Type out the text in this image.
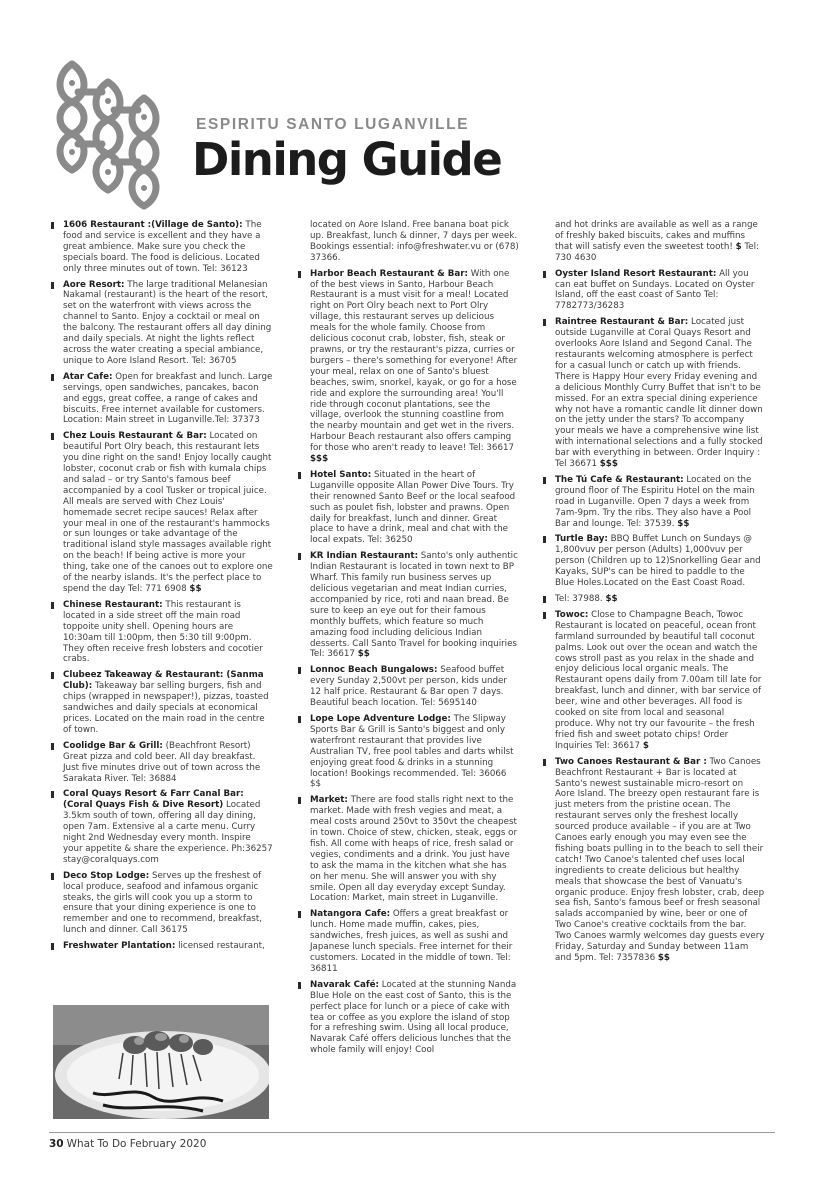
ESPIRITU SANTO LUGANVILLE
Dining Guide
1606 Restaurant :(Village de Santo): The food and service is excellent and they have a great ambience. Make sure you check the specials board. The food is delicious. Located only three minutes out of town. Tel: 36123
Aore Resort: The large traditional Melanesian Nakamal (restaurant) is the heart of the resort, set on the waterfront with views across the channel to Santo. Enjoy a cocktail or meal on the balcony. The restaurant offers all day dining and daily specials. At night the lights reflect across the water creating a special ambiance, unique to Aore Island Resort. Tel: 36705
Atar Cafe: Open for breakfast and lunch. Large servings, open sandwiches, pancakes, bacon and eggs, great coffee, a range of cakes and biscuits. Free internet available for customers. Location: Main street in Luganville.Tel: 37373
Chez Louis Restaurant & Bar: Located on beautiful Port Olry beach, this restaurant lets you dine right on the sand! Enjoy locally caught lobster, coconut crab or fish with kumala chips and salad – or try Santo's famous beef accompanied by a cool Tusker or tropical juice. All meals are served with Chez Louis' homemade secret recipe sauces! Relax after your meal in one of the restaurant's hammocks or sun lounges or take advantage of the traditional island style massages available right on the beach! If being active is more your thing, take one of the canoes out to explore one of the nearby islands. It's the perfect place to spend the day Tel: 771 6908 $$
Chinese Restaurant: This restaurant is located in a side street off the main road toppoite unity shell. Opening hours are 10:30am till 1:00pm, then 5:30 till 9:00pm. They often receive fresh lobsters and cocotier crabs.
Clubeez Takeaway & Restaurant: (Sanma Club): Takeaway bar selling burgers, fish and chips (wrapped in newspaper!), pizzas, toasted sandwiches and daily specials at economical prices. Located on the main road in the centre of town.
Coolidge Bar & Grill: (Beachfront Resort) Great pizza and cold beer. All day breakfast. Just five minutes drive out of town across the Sarakata River. Tel: 36884
Coral Quays Resort & Farr Canal Bar: (Coral Quays Fish & Dive Resort) Located 3.5km south of town, offering all day dining, open 7am. Extensive al a carte menu. Curry night 2nd Wednesday every month. Inspire your appetite & share the experience. Ph:36257 stay@coralquays.com
Deco Stop Lodge: Serves up the freshest of local produce, seafood and infamous organic steaks, the girls will cook you up a storm to ensure that your dining experience is one to remember and one to recommend, breakfast, lunch and dinner. Call 36175
Freshwater Plantation: licensed restaurant,
located on Aore Island. Free banana boat pick up. Breakfast, lunch & dinner, 7 days per week. Bookings essential: info@freshwater.vu or (678) 37366.
Harbor Beach Restaurant & Bar: With one of the best views in Santo, Harbour Beach Restaurant is a must visit for a meal! Located right on Port Olry beach next to Port Olry village, this restaurant serves up delicious meals for the whole family. Choose from delicious coconut crab, lobster, fish, steak or prawns, or try the restaurant's pizza, curries or burgers – there's something for everyone! After your meal, relax on one of Santo's bluest beaches, swim, snorkel, kayak, or go for a hose ride and explore the surrounding area! You'll ride through coconut plantations, see the village, overlook the stunning coastline from the nearby mountain and get wet in the rivers. Harbour Beach restaurant also offers camping for those who aren't ready to leave! Tel: 36617 $$$
Hotel Santo: Situated in the heart of Luganville opposite Allan Power Dive Tours. Try their renowned Santo Beef or the local seafood such as poulet fish, lobster and prawns. Open daily for breakfast, lunch and dinner. Great place to have a drink, meal and chat with the local expats. Tel: 36250
KR Indian Restaurant: Santo's only authentic Indian Restaurant is located in town next to BP Wharf. This family run business serves up delicious vegetarian and meat Indian curries, accompanied by rice, roti and naan bread. Be sure to keep an eye out for their famous monthly buffets, which feature so much amazing food including delicious Indian desserts. Call Santo Travel for booking inquiries Tel: 36617 $$
Lonnoc Beach Bungalows: Seafood buffet every Sunday 2,500vt per person, kids under 12 half price. Restaurant & Bar open 7 days. Beautiful beach location. Tel: 5695140
Lope Lope Adventure Lodge: The Slipway Sports Bar & Grill is Santo's biggest and only waterfront restaurant that provides live Australian TV, free pool tables and darts whilst enjoying great food & drinks in a stunning location! Bookings recommended. Tel: 36066 $$
Market: There are food stalls right next to the market. Made with fresh vegies and meat, a meal costs around 250vt to 350vt the cheapest in town. Choice of stew, chicken, steak, eggs or fish. All come with heaps of rice, fresh salad or vegies, condiments and a drink. You just have to ask the mama in the kitchen what she has on her menu. She will answer you with shy smile. Open all day everyday except Sunday. Location: Market, main street in Luganville.
Natangora Cafe: Offers a great breakfast or lunch. Home made muffin, cakes, pies, sandwiches, fresh juices, as well as sushi and Japanese lunch specials. Free internet for their customers. Located in the middle of town. Tel: 36811
Navarak Café: Located at the stunning Nanda Blue Hole on the east cost of Santo, this is the perfect place for lunch or a piece of cake with tea or coffee as you explore the island of stop for a refreshing swim. Using all local produce, Navarak Café offers delicious lunches that the whole family will enjoy! Cool
and hot drinks are available as well as a range of freshly baked biscuits, cakes and muffins that will satisfy even the sweetest tooth! $ Tel: 730 4630
Oyster Island Resort Restaurant: All you can eat buffet on Sundays. Located on Oyster Island, off the east coast of Santo Tel: 7782773/36283
Raintree Restaurant & Bar: Located just outside Luganville at Coral Quays Resort and overlooks Aore Island and Segond Canal. The restaurants welcoming atmosphere is perfect for a casual lunch or catch up with friends. There is Happy Hour every Friday evening and a delicious Monthly Curry Buffet that isn't to be missed. For an extra special dining experience why not have a romantic candle lit dinner down on the jetty under the stars? To accompany your meals we have a comprehensive wine list with international selections and a fully stocked bar with everything in between. Order Inquiry : Tel 36671 $$$
The Tú Cafe & Restaurant: Located on the ground floor of The Espiritu Hotel on the main road in Luganville. Open 7 days a week from 7am-9pm. Try the ribs. They also have a Pool Bar and lounge. Tel: 37539. $$
Turtle Bay: BBQ Buffet Lunch on Sundays @ 1,800vuv per person (Adults) 1,000vuv per person (Children up to 12)Snorkelling Gear and Kayaks, SUP's can be hired to paddle to the Blue Holes.Located on the East Coast Road.
Tel: 37988. $$
Towoc: Close to Champagne Beach, Towoc Restaurant is located on peaceful, ocean front farmland surrounded by beautiful tall coconut palms. Look out over the ocean and watch the cows stroll past as you relax in the shade and enjoy delicious local organic meals. The Restaurant opens daily from 7.00am till late for breakfast, lunch and dinner, with bar service of beer, wine and other beverages. All food is cooked on site from local and seasonal produce. Why not try our favourite – the fresh fried fish and sweet potato chips! Order Inquiries Tel: 36617 $
Two Canoes Restaurant & Bar : Two Canoes Beachfront Restaurant + Bar is located at Santo's newest sustainable micro-resort on Aore Island. The breezy open restaurant fare is just meters from the pristine ocean. The restaurant serves only the freshest locally sourced produce available – if you are at Two Canoes early enough you may even see the fishing boats pulling in to the beach to sell their catch! Two Canoe's talented chef uses local ingredients to create delicious but healthy meals that showcase the best of Vanuatu's organic produce. Enjoy fresh lobster, crab, deep sea fish, Santo's famous beef or fresh seasonal salads accompanied by wine, beer or one of Two Canoe's creative cocktails from the bar. Two Canoes warmly welcomes day guests every Friday, Saturday and Sunday between 11am and 5pm. Tel: 7357836 $$
30 What To Do February 2020
